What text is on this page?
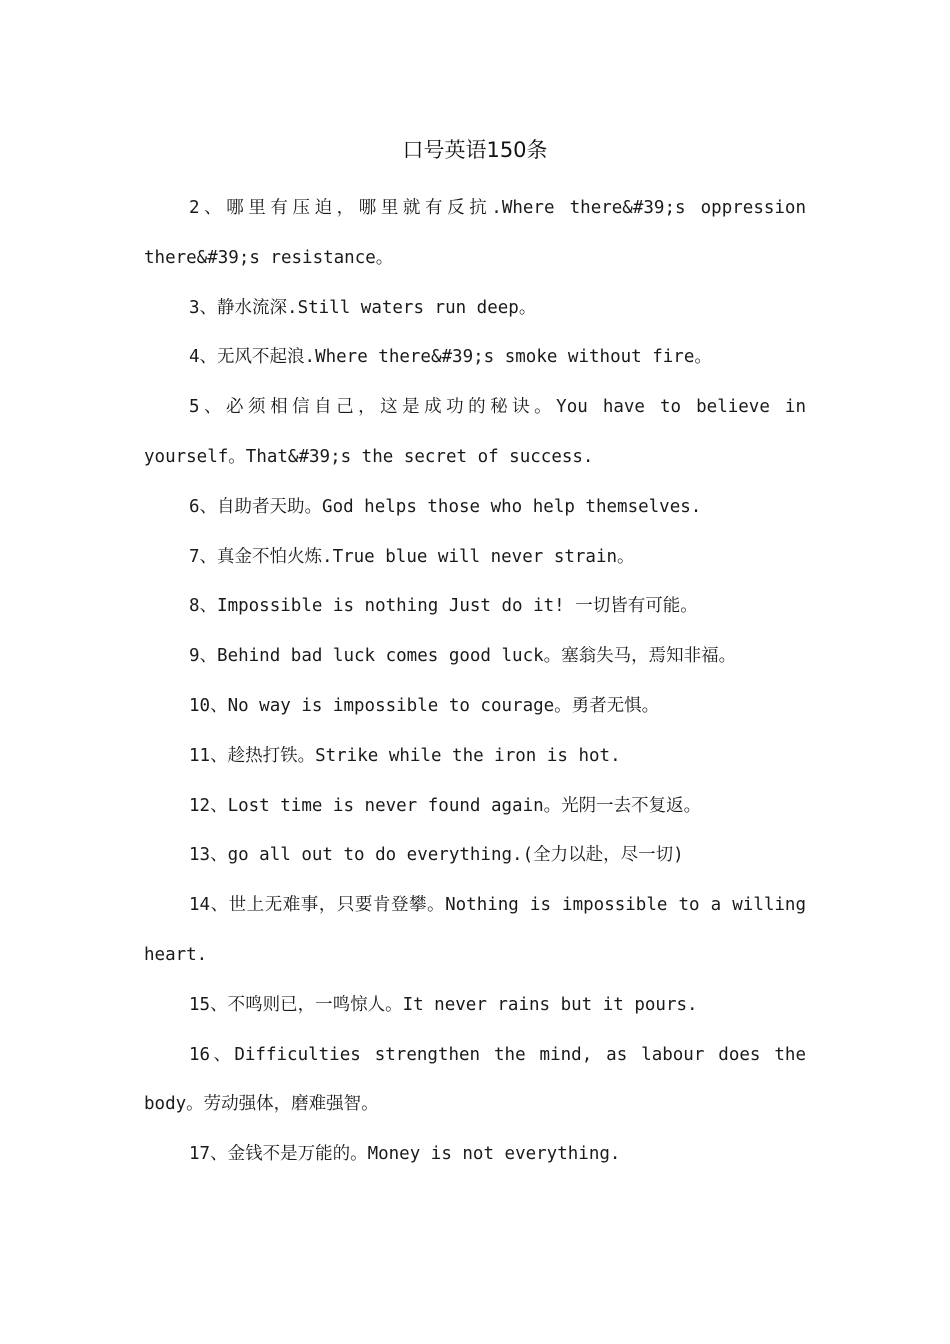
口号英语150条

2、哪里有压迫，哪里就有反抗.Where there&#39;s oppression there&#39;s resistance。

3、静水流深.Still waters run deep。

4、无风不起浪.Where there&#39;s smoke without fire。

5、必须相信自己，这是成功的秘诀。You have to believe in yourself。That&#39;s the secret of success.

6、自助者天助。God helps those who help themselves.

7、真金不怕火炼.True blue will never strain。

8、Impossible is nothing Just do it! 一切皆有可能。

9、Behind bad luck comes good luck。塞翁失马，焉知非福。

10、No way is impossible to courage。勇者无惧。

11、趁热打铁。Strike while the iron is hot.

12、Lost time is never found again。光阴一去不复返。

13、go all out to do everything.(全力以赴，尽一切)

14、世上无难事，只要肯登攀。Nothing is impossible to a willing heart.

15、不鸣则已，一鸣惊人。It never rains but it pours.

16、Difficulties strengthen the mind, as labour does the body。劳动强体，磨难强智。

17、金钱不是万能的。Money is not everything.
